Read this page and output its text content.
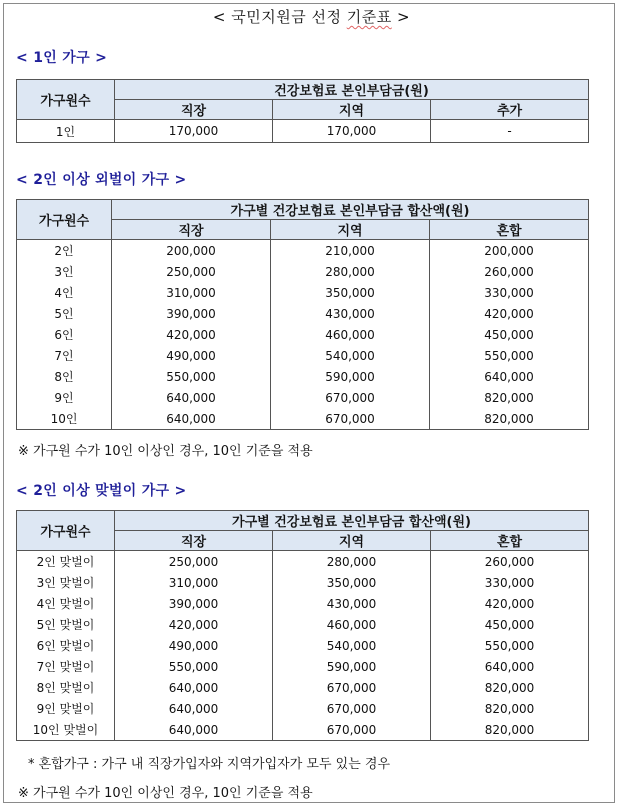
< 국민지원금 선정 기준표 >
< 1인 가구 >
가구원수	건강보험료 본인부담금(원)		
	직장	지역	추가
1인	170,000	170,000	-
< 2인 이상 외벌이 가구 >
가구원수	가구별 건강보험료 본인부담금 합산액(원)		
	직장	지역	혼합
2인	200,000	210,000	200,000
3인	250,000	280,000	260,000
4인	310,000	350,000	330,000
5인	390,000	430,000	420,000
6인	420,000	460,000	450,000
7인	490,000	540,000	550,000
8인	550,000	590,000	640,000
9인	640,000	670,000	820,000
10인	640,000	670,000	820,000
※ 가구원 수가 10인 이상인 경우, 10인 기준을 적용
< 2인 이상 맞벌이 가구 >
가구원수	가구별 건강보험료 본인부담금 합산액(원)		
	직장	지역	혼합
2인 맞벌이	250,000	280,000	260,000
3인 맞벌이	310,000	350,000	330,000
4인 맞벌이	390,000	430,000	420,000
5인 맞벌이	420,000	460,000	450,000
6인 맞벌이	490,000	540,000	550,000
7인 맞벌이	550,000	590,000	640,000
8인 맞벌이	640,000	670,000	820,000
9인 맞벌이	640,000	670,000	820,000
10인 맞벌이	640,000	670,000	820,000
* 혼합가구 : 가구 내 직장가입자와 지역가입자가 모두 있는 경우
※ 가구원 수가 10인 이상인 경우, 10인 기준을 적용
